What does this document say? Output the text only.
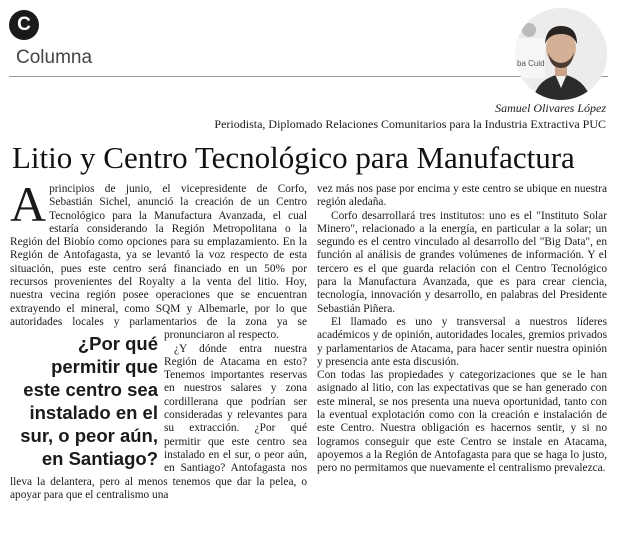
C
Columna	ba Cuid
Samuel Olivares López
Periodista, Diplomado Relaciones Comunitarios para la Industria Extractiva PUC
Litio y Centro Tecnológico para Manufactura
A principios de junio, el vicepresidente de Corfo, Sebastián Sichel, anunció la creación de un Centro Tecnológico para la Manufactura Avanzada, el cual estaría considerando la Región Metropolitana o la Región del Biobío como opciones para su emplazamiento. En la Región de Antofagasta, ya se levantó la voz respecto de esta situación, pues este centro será financiado en un 50% por recursos provenientes del Royalty a la venta del litio. Hoy, nuestra vecina región posee operaciones que se encuentran extrayendo el mineral, como SQM y Albemarle, por lo que autoridades locales y parlamentarios de la zona ya se pronunciaron al respecto.
¿Por qué permitir que este centro sea instalado en el sur, o peor aún, en Santiago?

¿Y dónde entra nuestra Región de Atacama en esto? Tenemos importantes reservas en nuestros salares y zona cordillerana que podrían ser consideradas y relevantes para su extracción. ¿Por qué permitir que este centro sea instalado en el sur, o peor aún, en Santiago? Antofagasta nos lleva la delantera, pero al menos tenemos que dar la pelea, o apoyar para que el centralismo una

vez más nos pase por encima y este centro se ubique en nuestra región aledaña.

Corfo desarrollará tres institutos: uno es el "Instituto Solar Minero", relacionado a la energía, en particular a la solar; un segundo es el centro vinculado al desarrollo del "Big Data", en función al análisis de grandes volúmenes de información. Y el tercero es el que guarda relación con el Centro Tecnológico para la Manufactura Avanzada, que es para crear ciencia, tecnología, innovación y desarrollo, en palabras del Presidente Sebastián Piñera.

El llamado es uno y transversal a nuestros líderes académicos y de opinión, autoridades locales, gremios privados y parlamentarios de Atacama, para hacer sentir nuestra opinión y presencia ante esta discusión.

Con todas las propiedades y categorizaciones que se le han asignado al litio, con las expectativas que se han generado con este mineral, se nos presenta una nueva oportunidad, tanto con la eventual explotación como con la creación e instalación de este Centro. Nuestra obligación es hacernos sentir, y si no logramos conseguir que este Centro se instale en Atacama, apoyemos a la Región de Antofagasta para que se haga lo justo, pero no permitamos que nuevamente el centralismo prevalezca.
